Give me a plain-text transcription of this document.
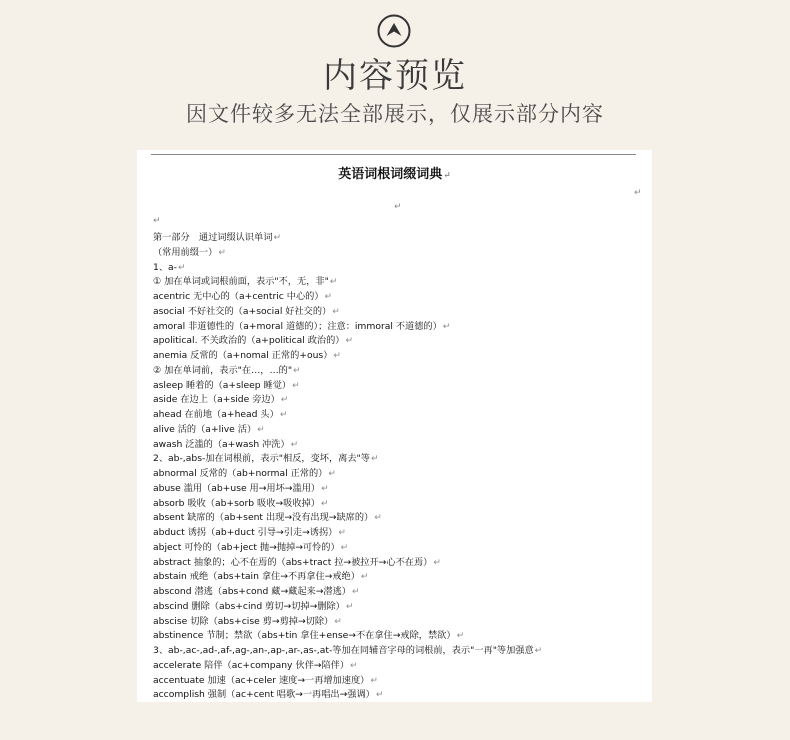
内容预览
因文件较多无法全部展示，仅展示部分内容
英语词根词缀词典↵
↵
↵
↵
第一部分　通过词缀认识单词↵
（常用前缀一）↵
1、a-↵
① 加在单词或词根前面，表示"不，无，非"↵
acentric 无中心的（a+centric 中心的）↵
asocial 不好社交的（a+social 好社交的）↵
amoral 非道德性的（a+moral 道德的）；注意：immoral 不道德的）↵
apolitical. 不关政治的（a+political 政治的）↵
anemia 反常的（a+nomal 正常的+ous）↵
② 加在单词前，表示"在…，…的"↵
asleep 睡着的（a+sleep 睡觉）↵
aside 在边上（a+side 旁边）↵
ahead 在前地（a+head 头）↵
alive 活的（a+live 活）↵
awash 泛滥的（a+wash 冲洗）↵
2、ab-,abs-加在词根前，表示"相反，变坏，离去"等↵
abnormal 反常的（ab+normal 正常的）↵
abuse 滥用（ab+use 用→用坏→滥用）↵
absorb 吸收（ab+sorb 吸收→吸收掉）↵
absent 缺席的（ab+sent 出现→没有出现→缺席的）↵
abduct 诱拐（ab+duct 引导→引走→诱拐）↵
abject 可怜的（ab+ject 抛→抛掉→可怜的）↵
abstract 抽象的；心不在焉的（abs+tract 拉→被拉开→心不在焉）↵
abstain 戒绝（abs+tain 拿住→不再拿住→戒绝）↵
abscond 潜逃（abs+cond 藏→藏起来→潜逃）↵
abscind 删除（abs+cind 剪切→切掉→删除）↵
abscise 切除（abs+cise 剪→剪掉→切除）↵
abstinence 节制；禁欲（abs+tin 拿住+ense→不在拿住→戒除，禁欲）↵
3、ab-,ac-,ad-,af-,ag-,an-,ap-,ar-,as-,at-等加在同辅音字母的词根前，表示"一再"等加强意↵
accelerate 陪伴（ac+company 伙伴→陪伴）↵
accentuate 加速（ac+celer 速度→一再增加速度）↵
accomplish 强制（ac+cent 唱歌→一再唱出→强调）↵
